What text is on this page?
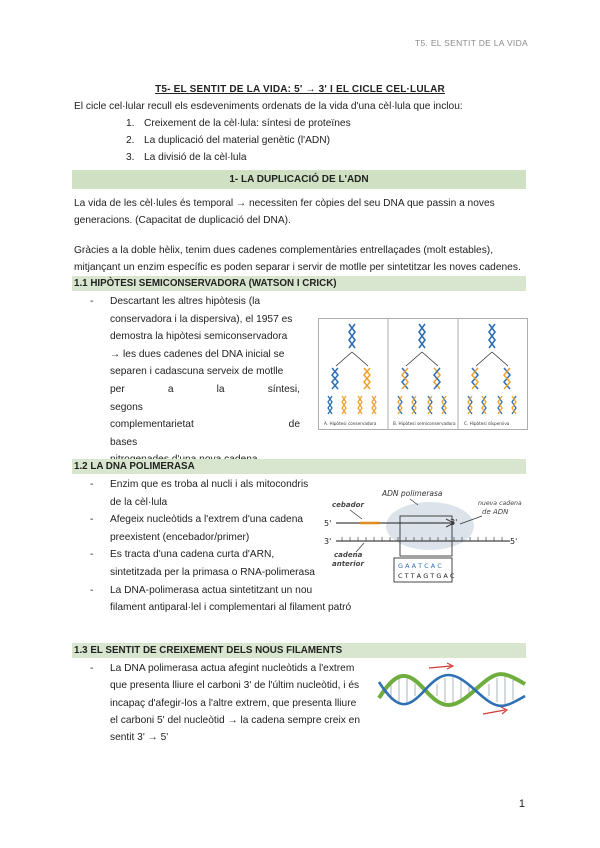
T5. EL SENTIT DE LA VIDA
T5- EL SENTIT DE LA VIDA: 5' → 3' I EL CICLE CEL·LULAR
El cicle cel·lular recull els esdeveniments ordenats de la vida d'una cèl·lula que inclou:
1. Creixement de la cèl·lula: síntesi de proteïnes
2. La duplicació del material genètic (l'ADN)
3. La divisió de la cèl·lula
1- LA DUPLICACIÓ DE L'ADN
La vida de les cèl·lules és temporal → necessiten fer còpies del seu DNA que passin a noves
generacions. (Capacitat de duplicació del DNA).
Gràcies a la doble hèlix, tenim dues cadenes complementàries entrellaçades (molt estables),
mitjançant un enzim específic es poden separar i servir de motlle per sintetitzar les noves cadenes.
1.1 HIPÒTESI SEMICONSERVADORA (WATSON I CRICK)
- Descartant les altres hipòtesis (la
conservadora i la dispersiva), el 1957 es
demostra la hipòtesi semiconservadora
→ les dues cadenes del DNA inicial se
separen i cadascuna serveix de motlle
per a la síntesi, segons
complementarietat de bases
A. Hipòtesi conservadora	B. Hipòtesi semiconservadora C. Hipòtesi dispersiva
1.2 LA DNA POLIMERASA
- Enzim que es troba al nucli i als mitocondris
de la cèl·lula
- Afegeix nucleòtids a l'extrem d'una cadena
preexistent (encebador/primer)
- Es tracta d'una cadena curta d'ARN,
sintetitzada per la primasa o RNA-polimerasa
- La DNA-polimerasa actua sintetitzant un nou
filament antiparal·lel i complementari al filament patró
ADN polimerasa
cebador	nueva cadena
de ADN
5'	3'
3'	5'
cadena
anterior	G A A T C A C
C T T A G T G A C
1.3 EL SENTIT DE CREIXEMENT DELS NOUS FILAMENTS
- La DNA polimerasa actua afegint nucleòtids a l'extrem
que presenta lliure el carboni 3' de l'últim nucleòtid, i és
incapaç d'afegir-los a l'altre extrem, que presenta lliure
el carboni 5' del nucleòtid → la cadena sempre creix en
sentit 3' → 5'
1
